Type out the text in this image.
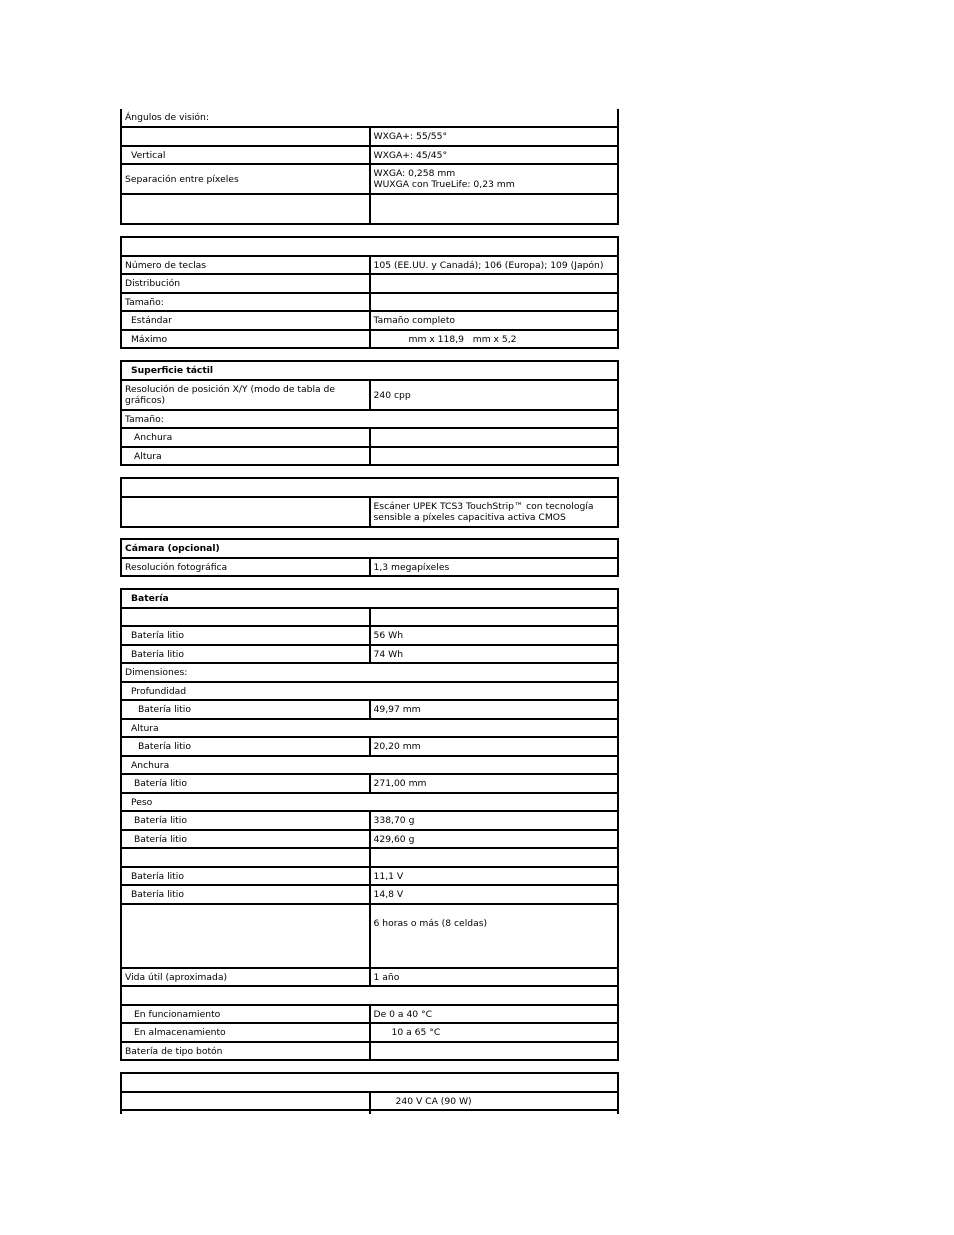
Ángulos de visión:	
	WXGA+: 55/55°
Vertical	WXGA+: 45/45°
Separación entre píxeles	WXGA: 0,258 mm
WUXGA con TrueLife: 0,23 mm

Número de teclas	105 (EE.UU. y Canadá); 106 (Europa); 109 (Japón)
Distribución	
Tamaño:	
Estándar	Tamaño completo
Máximo	mm x 118,9   mm x 5,2
Superficie táctil	
Resolución de posición X/Y (modo de tabla de gráficos)	240 cpp
Tamaño:	
Anchura	
Altura	

	Escáner UPEK TCS3 TouchStrip™ con tecnología sensible a píxeles capacitiva activa CMOS
Cámara (opcional)
Resolución fotográfica	1,3 megapíxeles
Batería	

Batería litio	56 Wh
Batería litio	74 Wh
Dimensiones:	
Profundidad	
Batería litio	49,97 mm
Altura	
Batería litio	20,20 mm
Anchura	
Batería litio	271,00 mm
Peso	
Batería litio	338,70 g
Batería litio	429,60 g

Batería litio	11,1 V
Batería litio	14,8 V
	6 horas o más (8 celdas)
Vida útil (aproximada)	1 año

En funcionamiento	De 0 a 40 °C
En almacenamiento	10 a 65 °C
Batería de tipo botón	

	240 V CA (90 W)
